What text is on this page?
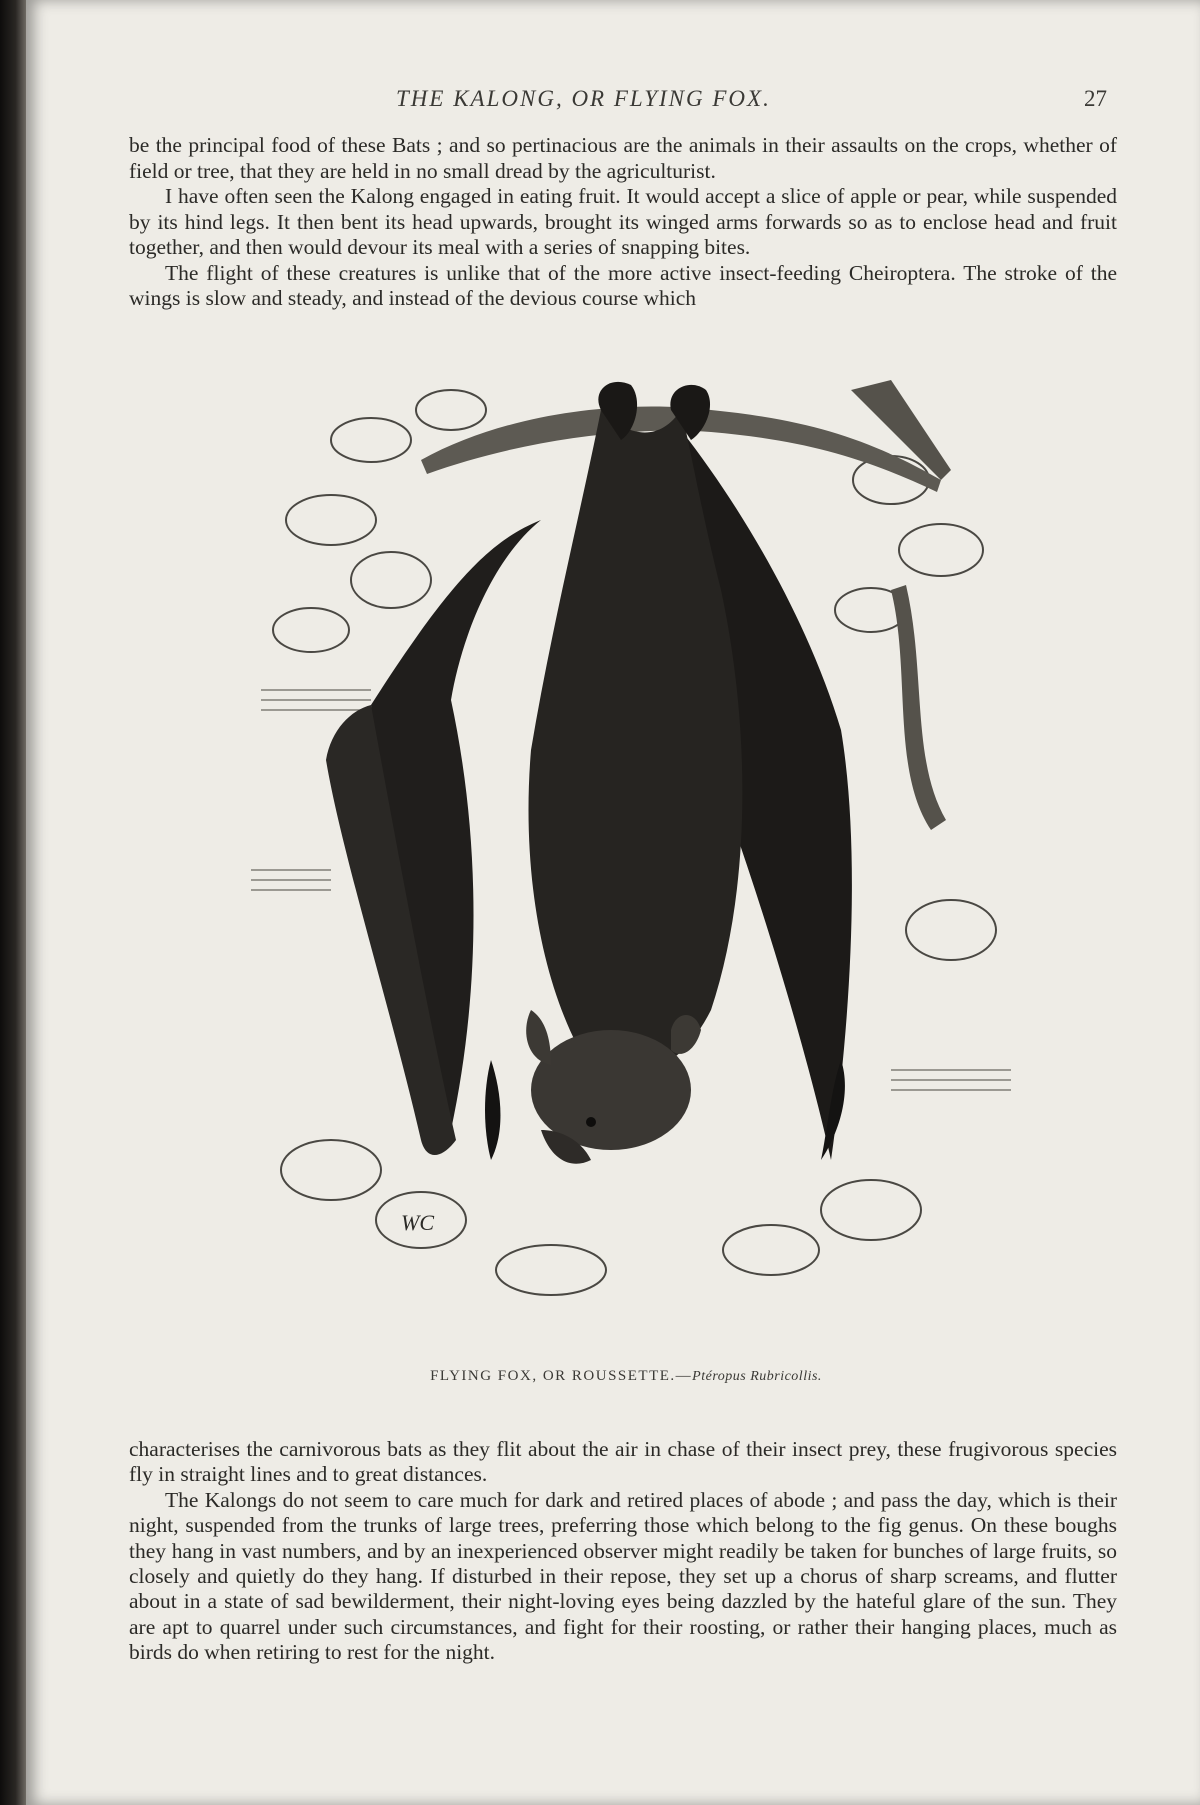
THE KALONG, OR FLYING FOX.	27

be the principal food of these Bats ; and so pertinacious are the animals in their assaults on the crops, whether of field or tree, that they are held in no small dread by the agriculturist.

I have often seen the Kalong engaged in eating fruit. It would accept a slice of apple or pear, while suspended by its hind legs. It then bent its head upwards, brought its winged arms forwards so as to enclose head and fruit together, and then would devour its meal with a series of snapping bites.

The flight of these creatures is unlike that of the more active insect-feeding Cheiroptera. The stroke of the wings is slow and steady, and instead of the devious course which

WC
FLYING FOX, OR ROUSSETTE.—Ptéropus Rubricollis.

characterises the carnivorous bats as they flit about the air in chase of their insect prey, these frugivorous species fly in straight lines and to great distances.

The Kalongs do not seem to care much for dark and retired places of abode ; and pass the day, which is their night, suspended from the trunks of large trees, preferring those which belong to the fig genus. On these boughs they hang in vast numbers, and by an inexperienced observer might readily be taken for bunches of large fruits, so closely and quietly do they hang. If disturbed in their repose, they set up a chorus of sharp screams, and flutter about in a state of sad bewilderment, their night-loving eyes being dazzled by the hateful glare of the sun. They are apt to quarrel under such circumstances, and fight for their roosting, or rather their hanging places, much as birds do when retiring to rest for the night.
